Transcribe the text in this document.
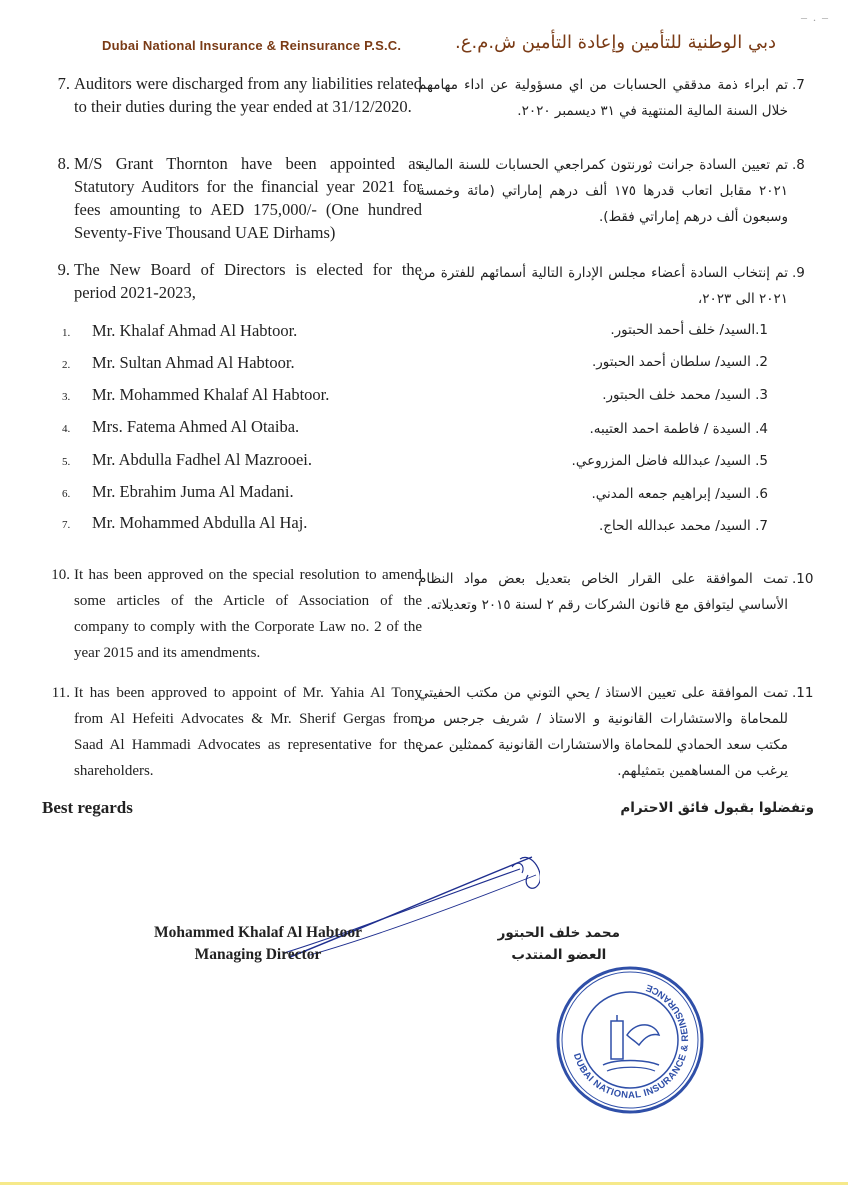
–  .  –
Dubai National Insurance & Reinsurance P.S.C.	دبي الوطنية للتأمين وإعادة التأمين ش.م.ع.
7. Auditors were discharged from any liabilities related to their duties during the year ended at 31/12/2020.
.7
تم ابراء ذمة مدققي الحسابات من اي مسؤولية عن اداء مهامهم خلال السنة المالية المنتهية في ٣١ ديسمبر ٢٠٢٠.
8. M/S Grant Thornton have been appointed as Statutory Auditors for the financial year 2021 for fees amounting to AED 175,000/- (One hundred Seventy-Five Thousand UAE Dirhams)
.8
تم تعيين السادة جرانت ثورنتون كمراجعي الحسابات للسنة المالية ٢٠٢١ مقابل اتعاب قدرها ١٧٥ ألف درهم إماراتي (مائة وخمسة وسبعون ألف درهم إماراتي فقط).
9. The New Board of Directors is elected for the period 2021-2023,
.9
تم إنتخاب السادة أعضاء مجلس الإدارة التالية أسمائهم للفترة من ٢٠٢١ الى ٢٠٢٣،
1. Mr. Khalaf Ahmad Al Habtoor.
2. Mr. Sultan Ahmad Al Habtoor.
3. Mr. Mohammed Khalaf Al Habtoor.
4. Mrs. Fatema Ahmed Al Otaiba.
5. Mr. Abdulla Fadhel Al Mazrooei.
6. Mr. Ebrahim Juma Al Madani.
7. Mr. Mohammed Abdulla Al Haj.
1.السيد/ خلف أحمد الحبتور.
2. السيد/ سلطان أحمد الحبتور.
3. السيد/ محمد خلف الحبتور.
4. السيدة / فاطمة احمد العتيبه.
5. السيد/ عبدالله فاضل المزروعي.
6. السيد/ إبراهيم جمعه المدني.
7. السيد/ محمد عبدالله الحاج.
10. It has been approved on the special resolution to amend some articles of the Article of Association of the company to comply with the Corporate Law no. 2 of the year 2015 and its amendments.
.10
تمت الموافقة على القرار الخاص بتعديل بعض مواد النظام الأساسي ليتوافق مع قانون الشركات رقم ٢ لسنة ٢٠١٥ وتعديلاته.
11. It has been approved to appoint of Mr. Yahia Al Tony from Al Hefeiti Advocates & Mr. Sherif Gergas from Saad Al Hammadi Advocates as representative for the shareholders.
.11
تمت الموافقة على تعيين الاستاذ / يحي التوني من مكتب الحفيتي للمحاماة والاستشارات القانونية و الاستاذ / شريف جرجس من مكتب سعد الحمادي للمحاماة والاستشارات القانونية كممثلين عمن يرغب من المساهمين بتمثيلهم.
Best regards	وتفضلوا بقبول فائق الاحترام
Mohammed Khalaf Al Habtoor
Managing Director
محمد خلف الحبتور
العضو المنتدب
DUBAI NATIONAL INSURANCE & REINSURANCE
